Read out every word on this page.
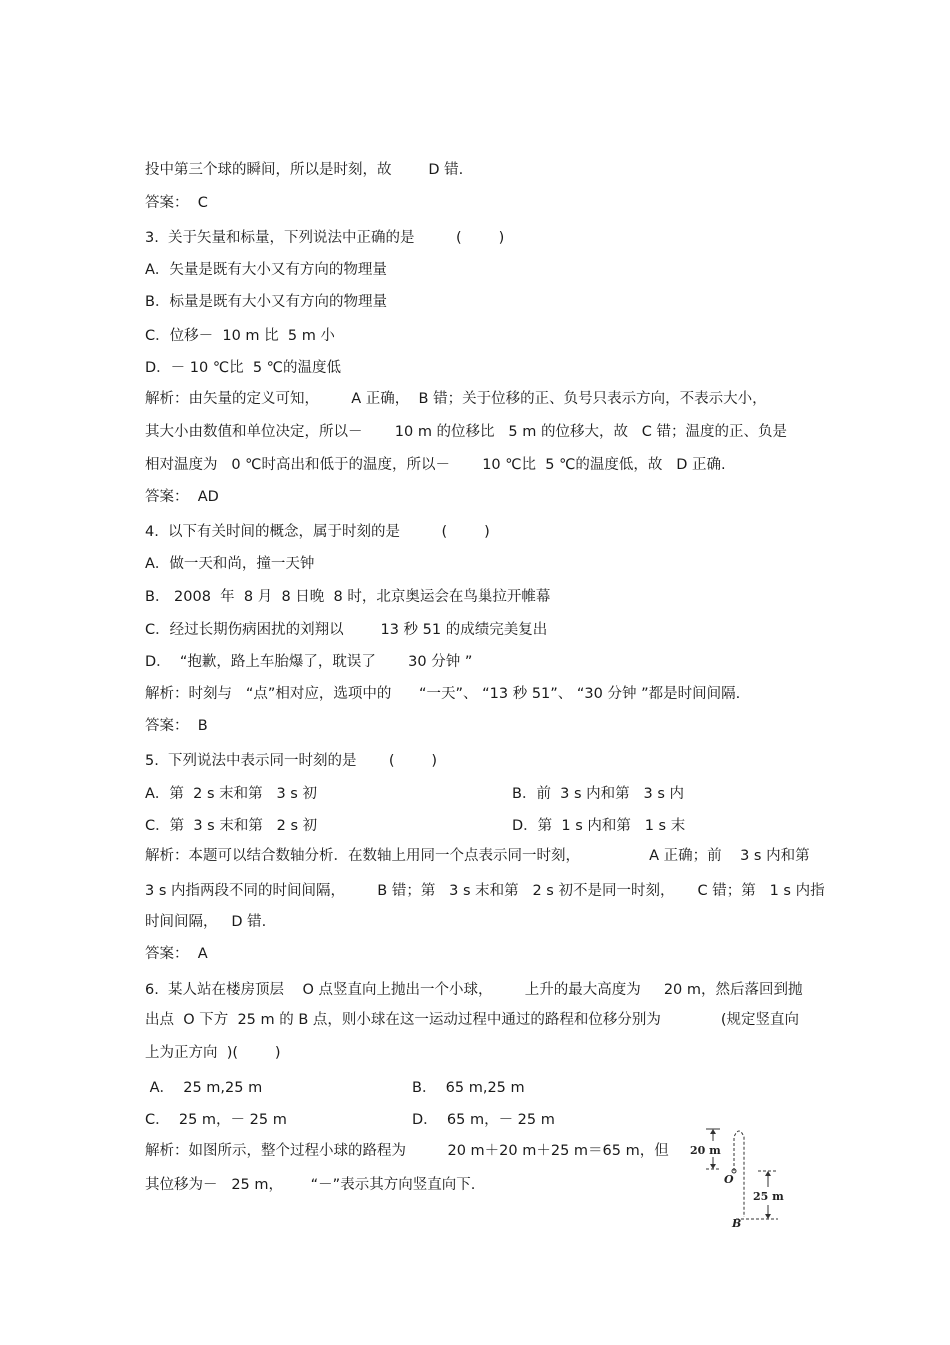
投中第三个球的瞬间，所以是时刻，故        D 错.
答案：  C
3.  关于矢量和标量，下列说法中正确的是         (        )
A．矢量是既有大小又有方向的物理量
B．标量是既有大小又有方向的物理量
C．位移－  10 m 比  5 m 小
D．－ 10 ℃比  5 ℃的温度低
解析：由矢量的定义可知，       A 正确，  B 错；关于位移的正、负号只表示方向，不表示大小，
其大小由数值和单位决定，所以－       10 m 的位移比   5 m 的位移大，故   C 错；温度的正、负是
相对温度为   0 ℃时高出和低于的温度，所以－       10 ℃比  5 ℃的温度低，故   D 正确.
答案：  AD
4.  以下有关时间的概念，属于时刻的是         (        )
A．做一天和尚，撞一天钟
B． 2008  年  8 月  8 日晚  8 时，北京奥运会在鸟巢拉开帷幕
C．经过长期伤病困扰的刘翔以        13 秒 51 的成绩完美复出
D．  “抱歉，路上车胎爆了，耽误了       30 分钟 ”
解析：时刻与   “点”相对应，选项中的      “一天”、 “13 秒 51”、 “30 分钟 ”都是时间间隔.
答案：  B
5.  下列说法中表示同一时刻的是       (        )
A．第  2 s 末和第   3 s 初	B．前  3 s 内和第   3 s 内
C．第  3 s 末和第   2 s 初	D．第  1 s 内和第   1 s 末
解析：本题可以结合数轴分析．在数轴上用同一个点表示同一时刻，               A 正确；前    3 s 内和第
3 s 内指两段不同的时间间隔，       B 错；第   3 s 末和第   2 s 初不是同一时刻，     C 错；第   1 s 内指
时间间隔，   D 错.
答案：  A
6.  某人站在楼房顶层    O 点竖直向上抛出一个小球，       上升的最大高度为     20 m，然后落回到抛
出点  O 下方  25 m 的 B 点，则小球在这一运动过程中通过的路程和位移分别为             (规定竖直向
上为正方向  )(        )
A．  25 m,25 m	B．  65 m,25 m
C．  25 m，－ 25 m	D．  65 m，－ 25 m
解析：如图所示，整个过程小球的路程为         20 m＋20 m＋25 m＝65 m，但
其位移为－   25 m，      “－”表示其方向竖直向下.
20 m
O
25 m
B
